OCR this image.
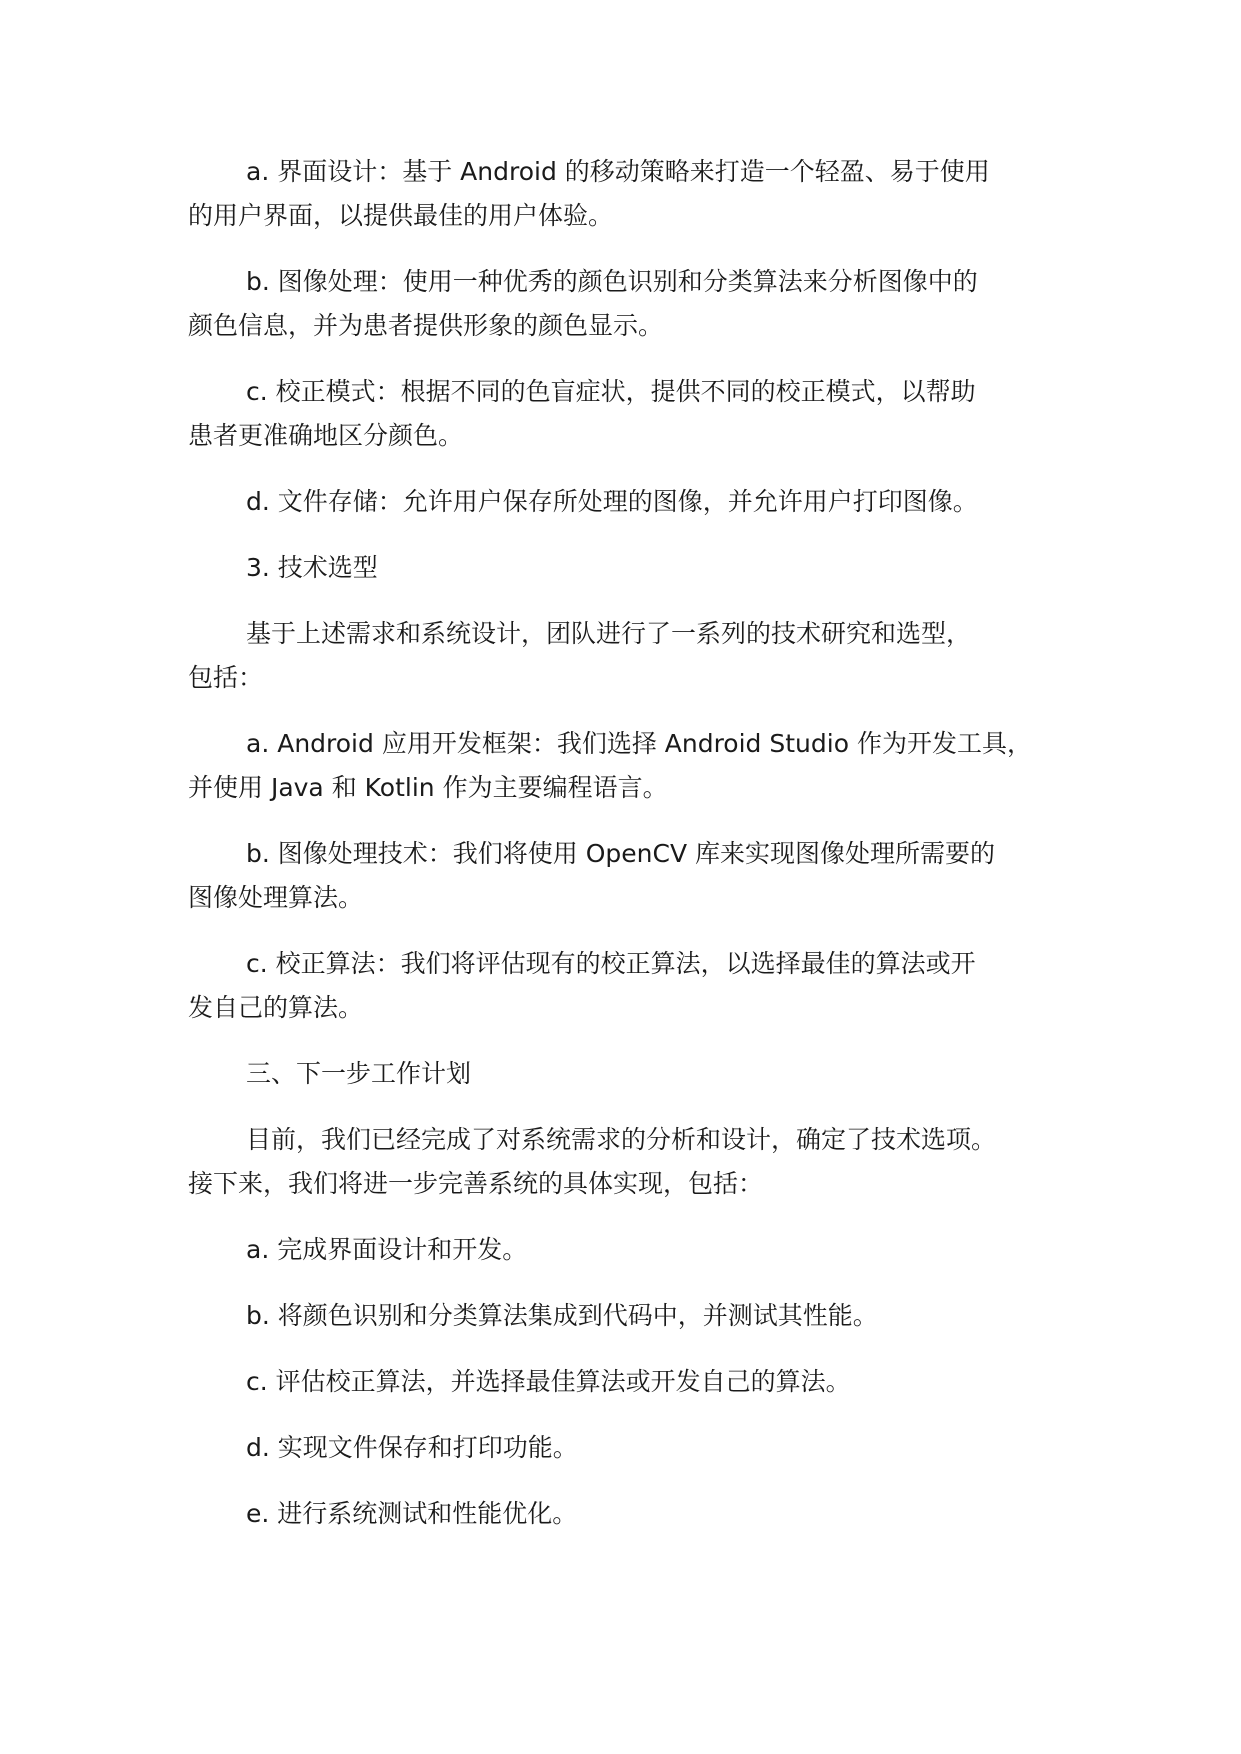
a. 界面设计：基于 Android 的移动策略来打造一个轻盈、易于使用
的用户界面，以提供最佳的用户体验。

b. 图像处理：使用一种优秀的颜色识别和分类算法来分析图像中的
颜色信息，并为患者提供形象的颜色显示。

c. 校正模式：根据不同的色盲症状，提供不同的校正模式，以帮助
患者更准确地区分颜色。

d. 文件存储：允许用户保存所处理的图像，并允许用户打印图像。

3. 技术选型

基于上述需求和系统设计，团队进行了一系列的技术研究和选型，
包括：

a. Android 应用开发框架：我们选择 Android Studio 作为开发工具，
并使用 Java 和 Kotlin 作为主要编程语言。

b. 图像处理技术：我们将使用 OpenCV 库来实现图像处理所需要的
图像处理算法。

c. 校正算法：我们将评估现有的校正算法，以选择最佳的算法或开
发自己的算法。

三、下一步工作计划

目前，我们已经完成了对系统需求的分析和设计，确定了技术选项。
接下来，我们将进一步完善系统的具体实现，包括：

a. 完成界面设计和开发。

b. 将颜色识别和分类算法集成到代码中，并测试其性能。

c. 评估校正算法，并选择最佳算法或开发自己的算法。

d. 实现文件保存和打印功能。

e. 进行系统测试和性能优化。
